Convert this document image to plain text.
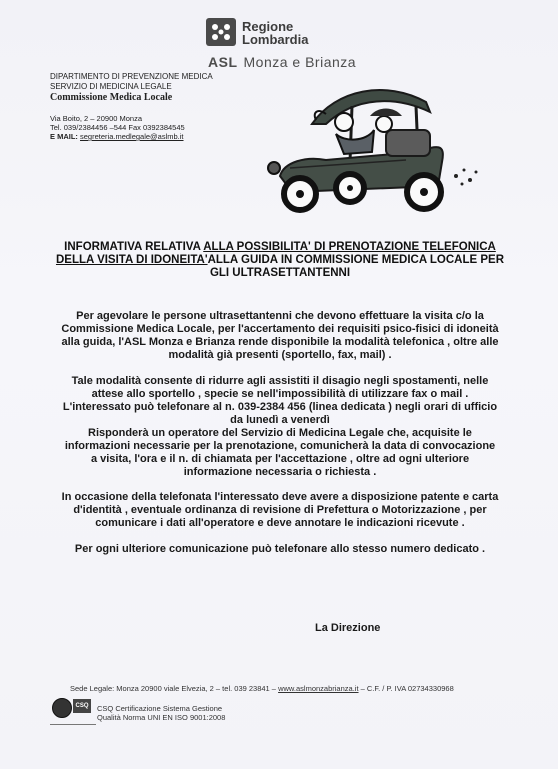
Regione
Lombardia
ASL Monza e Brianza
DIPARTIMENTO DI PREVENZIONE MEDICA
SERVIZIO DI MEDICINA LEGALE
Commissione Medica Locale
Via Boito, 2 – 20900 Monza
Tel. 039/2384456 –544 Fax 0392384545
E MAIL: segreteria.medlegale@aslmb.it
INFORMATIVA RELATIVA ALLA POSSIBILITA' DI PRENOTAZIONE TELEFONICA
DELLA VISITA DI IDONEITA'ALLA GUIDA IN COMMISSIONE MEDICA LOCALE PER
GLI ULTRASETTANTENNI
Per agevolare le persone ultrasettantenni che devono effettuare la visita c/o la
Commissione Medica Locale, per l'accertamento dei requisiti psico-fisici di idoneità
alla guida, l'ASL Monza e Brianza rende disponibile la modalità telefonica , oltre alle
modalità già presenti (sportello, fax, mail) .
Tale modalità consente di ridurre agli assistiti il disagio negli spostamenti, nelle
attese allo sportello , specie se nell'impossibilità di utilizzare fax o mail .
L'interessato può telefonare al n. 039-2384 456 (linea dedicata ) negli orari di ufficio
da lunedì a venerdì
Risponderà un operatore del Servizio di Medicina Legale che, acquisite le
informazioni necessarie per la prenotazione, comunicherà la data di convocazione
a visita, l'ora e il n. di chiamata per l'accettazione , oltre ad ogni ulteriore
informazione necessaria o richiesta .
In occasione della telefonata l'interessato deve avere a disposizione patente e carta
d'identità , eventuale ordinanza di revisione di Prefettura o Motorizzazione , per
comunicare i dati all'operatore e deve annotare le indicazioni ricevute .
Per ogni ulteriore comunicazione può telefonare allo stesso numero dedicato .
La Direzione
Sede Legale: Monza 20900 viale Elvezia, 2 – tel. 039 23841 – www.aslmonzabrianza.it – C.F. / P. IVA 02734330968
CSQ	CSQ Certificazione Sistema Gestione
Qualità Norma UNI EN ISO 9001:2008
